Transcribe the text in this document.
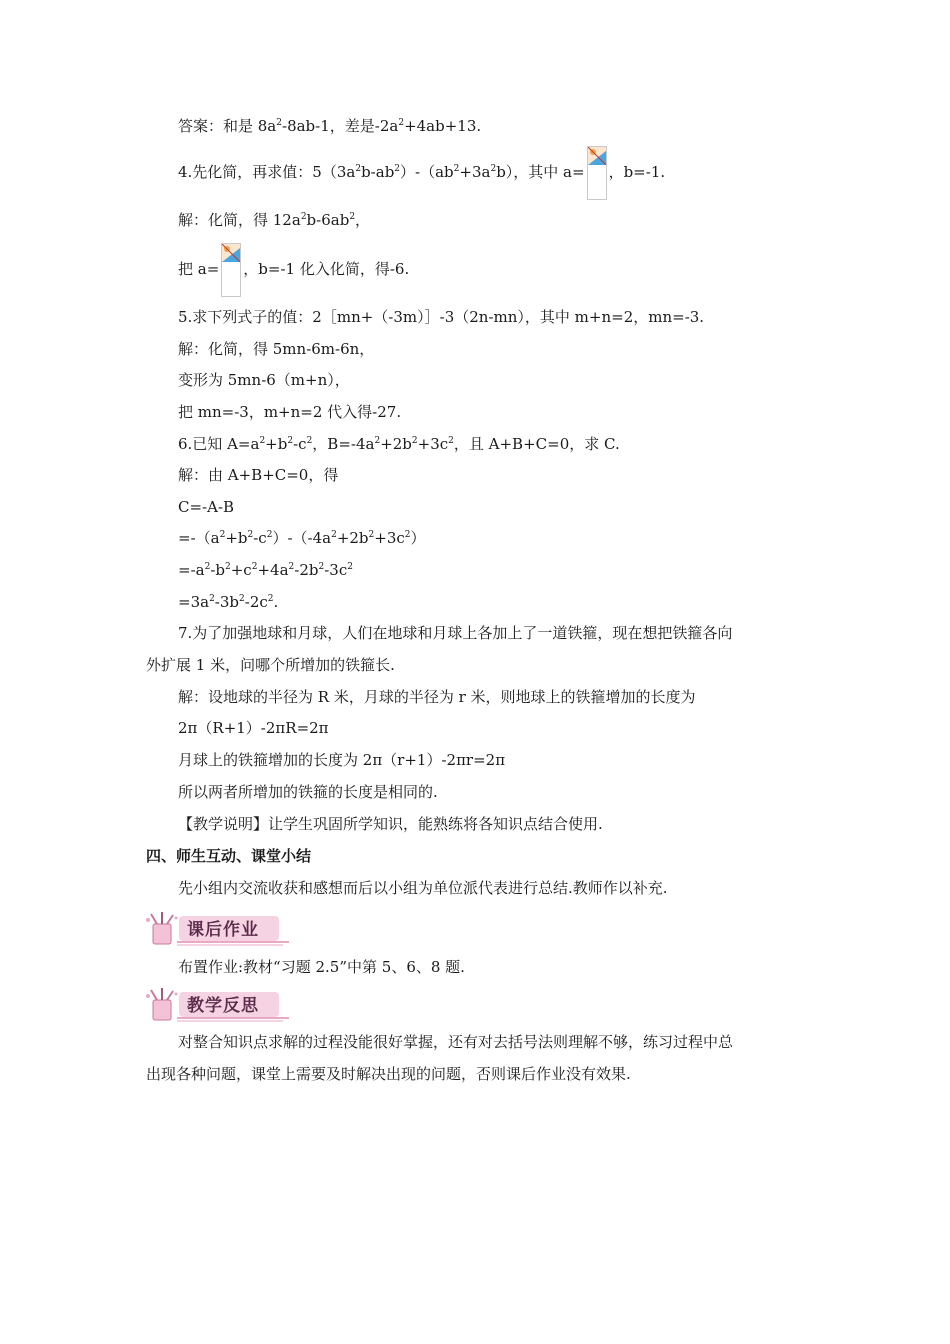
答案：和是 $8a^2-8ab-1$，差是$-2a^2+4ab+13$.
4.先化简，再求值：$5(3a^2b-ab^2)-(ab^2+3a^2b)$，其中 a= ，b=-1.
解：化简，得 $12a^2b-6ab^2$，
把 a= ，b=-1 化入化简，得-6.
5.求下列式子的值：2［mn+（-3m）］-3（2n-mn），其中 m+n=2，mn=-3.
解：化简，得 5mn-6m-6n，
变形为 5mn-6（m+n），
把 mn=-3，m+n=2 代入得-27.
6.已知 $A=a^2+b^2-c^2$，$B=-4a^2+2b^2+3c^2$，且 A+B+C=0，求 C.
解：由 A+B+C=0，得
C=-A-B
$=-(a^2+b^2-c^2)-(-4a^2+2b^2+3c^2)$
$=-a^2-b^2+c^2+4a^2-2b^2-3c^2$
$=3a^2-3b^2-2c^2$.
7.为了加强地球和月球，人们在地球和月球上各加上了一道铁箍，现在想把铁箍各向
外扩展 1 米，问哪个所增加的铁箍长.
解：设地球的半径为 R 米，月球的半径为 r 米，则地球上的铁箍增加的长度为
2π（R+1）-2πR=2π
月球上的铁箍增加的长度为 2π（r+1）-2πr=2π
所以两者所增加的铁箍的长度是相同的.
【教学说明】让学生巩固所学知识，能熟练将各知识点结合使用.
四、师生互动、课堂小结
先小组内交流收获和感想而后以小组为单位派代表进行总结.教师作以补充.
课后作业
布置作业:教材“习题 2.5”中第 5、6、8 题.
教学反思
对整合知识点求解的过程没能很好掌握，还有对去括号法则理解不够，练习过程中总
出现各种问题，课堂上需要及时解决出现的问题，否则课后作业没有效果.
